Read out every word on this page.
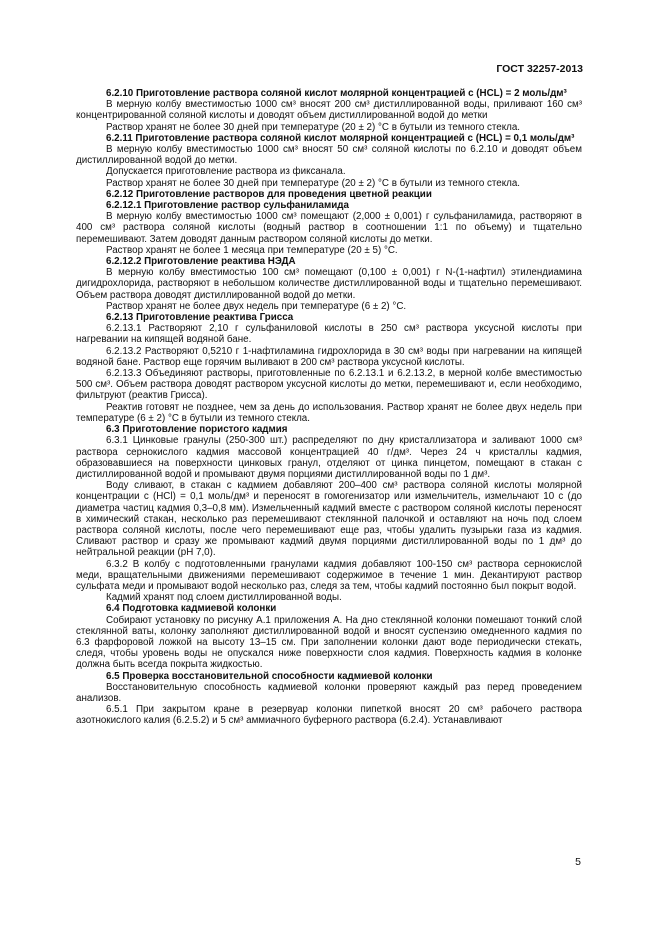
ГОСТ 32257-2013

6.2.10 Приготовление раствора соляной кислот молярной концентрацией с (HCL) = 2 моль/дм³

В мерную колбу вместимостью 1000 см³ вносят 200 см³ дистиллированной воды, приливают 160 см³ концентрированной соляной кислоты и доводят объем дистиллированной водой до метки

Раствор хранят не более 30 дней при температуре (20 ± 2) °С в бутыли из темного стекла.

6.2.11 Приготовление раствора соляной кислот молярной концентрацией с (HCL) = 0,1 моль/дм³

В мерную колбу вместимостью 1000 см³ вносят 50 см³ соляной кислоты по 6.2.10 и доводят объем дистиллированной водой до метки.

Допускается приготовление раствора из фиксанала.

Раствор хранят не более 30 дней при температуре (20 ± 2) °С в бутыли из темного стекла.

6.2.12 Приготовление растворов для проведения цветной реакции

6.2.12.1 Приготовление раствор сульфаниламида

В мерную колбу вместимостью 1000 см³ помещают (2,000 ± 0,001) г сульфаниламида, растворяют в 400 см³ раствора соляной кислоты (водный раствор в соотношении 1:1 по объему) и тщательно перемешивают. Затем доводят данным раствором соляной кислоты до метки.

Раствор хранят не более 1 месяца при температуре (20 ± 5) °С.

6.2.12.2 Приготовление реактива НЭДА

В мерную колбу вместимостью 100 см³ помещают (0,100 ± 0,001) г N-(1-нафтил) этилендиамина дигидрохлорида, растворяют в небольшом количестве дистиллированной воды и тщательно перемешивают. Объем раствора доводят дистиллированной водой до метки.

Раствор хранят не более двух недель при температуре (6 ± 2) °С.

6.2.13 Приготовление реактива Грисса

6.2.13.1 Растворяют 2,10 г сульфаниловой кислоты в 250 см³ раствора уксусной кислоты при нагревании на кипящей водяной бане.

6.2.13.2 Растворяют 0,5210 г 1-нафтиламина гидрохлорида в 30 см³ воды при нагревании на кипящей водяной бане. Раствор еще горячим выливают в 200 см³ раствора уксусной кислоты.

6.2.13.3 Объединяют растворы, приготовленные по 6.2.13.1 и 6.2.13.2, в мерной колбе вместимостью 500 см³. Объем раствора доводят раствором уксусной кислоты до метки, перемешивают и, если необходимо, фильтруют (реактив Грисса).

Реактив готовят не позднее, чем за день до использования. Раствор хранят не более двух недель при температуре (6 ± 2) °С в бутыли из темного стекла.

6.3 Приготовление пористого кадмия

6.3.1 Цинковые гранулы (250-300 шт.) распределяют по дну кристаллизатора и заливают 1000 см³ раствора сернокислого кадмия массовой концентрацией 40 г/дм³. Через 24 ч кристаллы кадмия, образовавшиеся на поверхности цинковых гранул, отделяют от цинка пинцетом, помещают в стакан с дистиллированной водой и промывают двумя порциями дистиллированной воды по 1 дм³.

Воду сливают, в стакан с кадмием добавляют 200–400 см³ раствора соляной кислоты молярной концентрации с (HCl) = 0,1 моль/дм³ и переносят в гомогенизатор или измельчитель, измельчают 10 с (до диаметра частиц кадмия 0,3–0,8 мм). Измельченный кадмий вместе с раствором соляной кислоты переносят в химический стакан, несколько раз перемешивают стеклянной палочкой и оставляют на ночь под слоем раствора соляной кислоты, после чего перемешивают еще раз, чтобы удалить пузырьки газа из кадмия. Сливают раствор и сразу же промывают кадмий двумя порциями дистиллированной воды по 1 дм³ до нейтральной реакции (рН 7,0).

6.3.2 В колбу с подготовленными гранулами кадмия добавляют 100-150 см³ раствора сернокислой меди, вращательными движениями перемешивают содержимое в течение 1 мин. Декантируют раствор сульфата меди и промывают водой несколько раз, следя за тем, чтобы кадмий постоянно был покрыт водой.

Кадмий хранят под слоем дистиллированной воды.

6.4 Подготовка кадмиевой колонки

Собирают установку по рисунку А.1 приложения А. На дно стеклянной колонки помешают тонкий слой стеклянной ваты, колонку заполняют дистиллированной водой и вносят суспензию омедненного кадмия по 6.3 фарфоровой ложкой на высоту 13–15 см. При заполнении колонки дают воде периодически стекать, следя, чтобы уровень воды не опускался ниже поверхности слоя кадмия. Поверхность кадмия в колонке должна быть всегда покрыта жидкостью.

6.5 Проверка восстановительной способности кадмиевой колонки

Восстановительную способность кадмиевой колонки проверяют каждый раз перед проведением анализов.

6.5.1 При закрытом кране в резервуар колонки пипеткой вносят 20 см³ рабочего раствора азотнокислого калия (6.2.5.2) и 5 см³ аммиачного буферного раствора (6.2.4). Устанавливают

5
